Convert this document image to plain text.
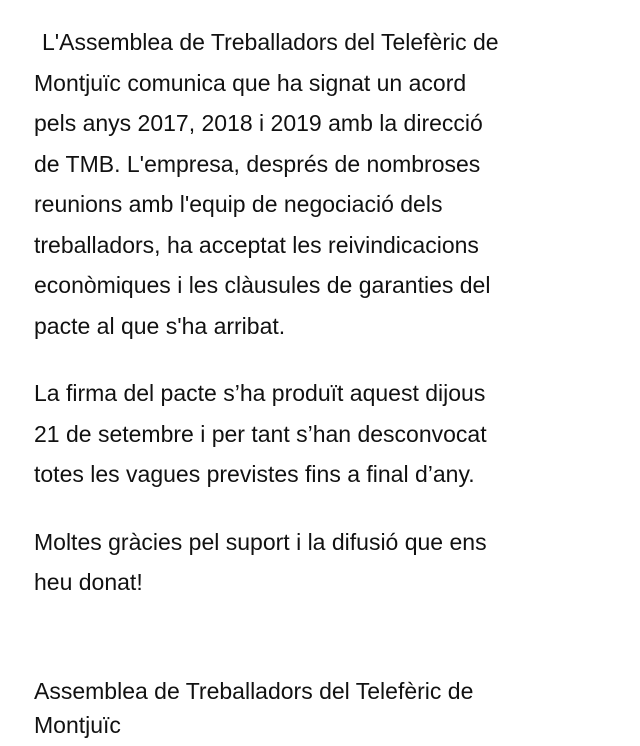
L'Assemblea de Treballadors del Telefèric de
Montjuïc comunica que ha signat un acord
pels anys 2017, 2018 i 2019 amb la direcció
de TMB. L'empresa, després de nombroses
reunions amb l'equip de negociació dels
treballadors, ha acceptat les reivindicacions
econòmiques i les clàusules de garanties del
pacte al que s'ha arribat.

La firma del pacte s’ha produït aquest dijous
21 de setembre i per tant s’han desconvocat
totes les vagues previstes fins a final d’any.

Moltes gràcies pel suport i la difusió que ens
heu donat!

Assemblea de Treballadors del Telefèric de
Montjuïc
